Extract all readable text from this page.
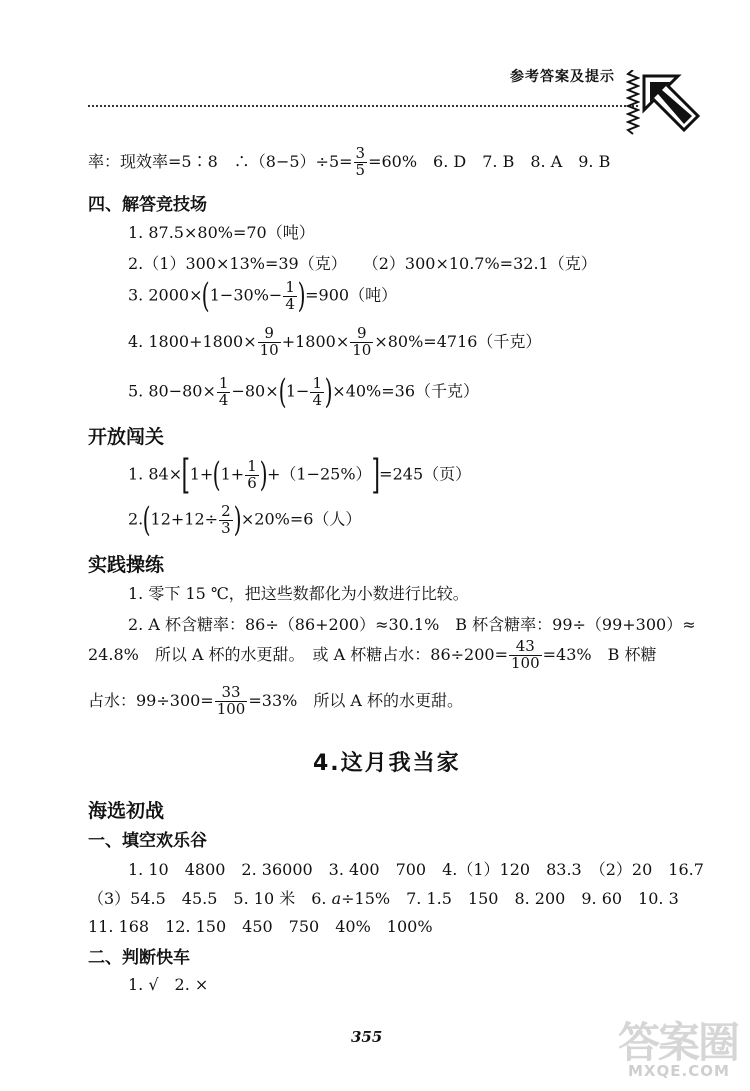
参考答案及提示
率：现效率=5∶8　∴（8−5）÷5= $\frac{3}{5} =60\%$　6. D　7. B　8. A　9. B
四、解答竞技场
1. 87.5×80%=70（吨）
2.（1）300×13%=39（克）　　（2）300×10.7%=32.1（克）
3. $2000\times(1-30\%- \frac{1}{4} )=900$（吨）
4. $1800+1800\times \frac{9}{10} +1800\times \frac{9}{10} \times 80\%=4716$（千克）
5. $80-80\times \frac{1}{4} -80\times(1- \frac{1}{4} )\times 40\%=36$（千克）
开放闯关
1. $84\times[1+(1+ \frac{1}{6} )+(1-25\%)]=245$（页）
$2.(12+12\div \frac{2}{3} )\times 20\%=6$（人）
实践操练
1. 零下 15 ℃，把这些数都化为小数进行比较。
2. A 杯含糖率：86÷（86+200）≈30.1%　B 杯含糖率：99÷（99+300）≈
24.8%　所以 A 杯的水更甜。　或 A 杯糖占水：$86\div 200= \frac{43}{100} =43\%$　B 杯糖
占水：$99\div 300= \frac{33}{100} =33\%$　所以 A 杯的水更甜。
4.这月我当家
海选初战
一、填空欢乐谷
1. 10　4800　2. 36000　3. 400　700　4.（1）120　83.3　（2）20　16.7
（3）54.5　45.5　5. 10 米　6. a÷15%　7. 1.5　150　8. 200　9. 60　10. 3
11. 168　12. 150　450　750　40%　100%
二、判断快车
1. √　2. ×
355	答案圈
MXQE.COM
